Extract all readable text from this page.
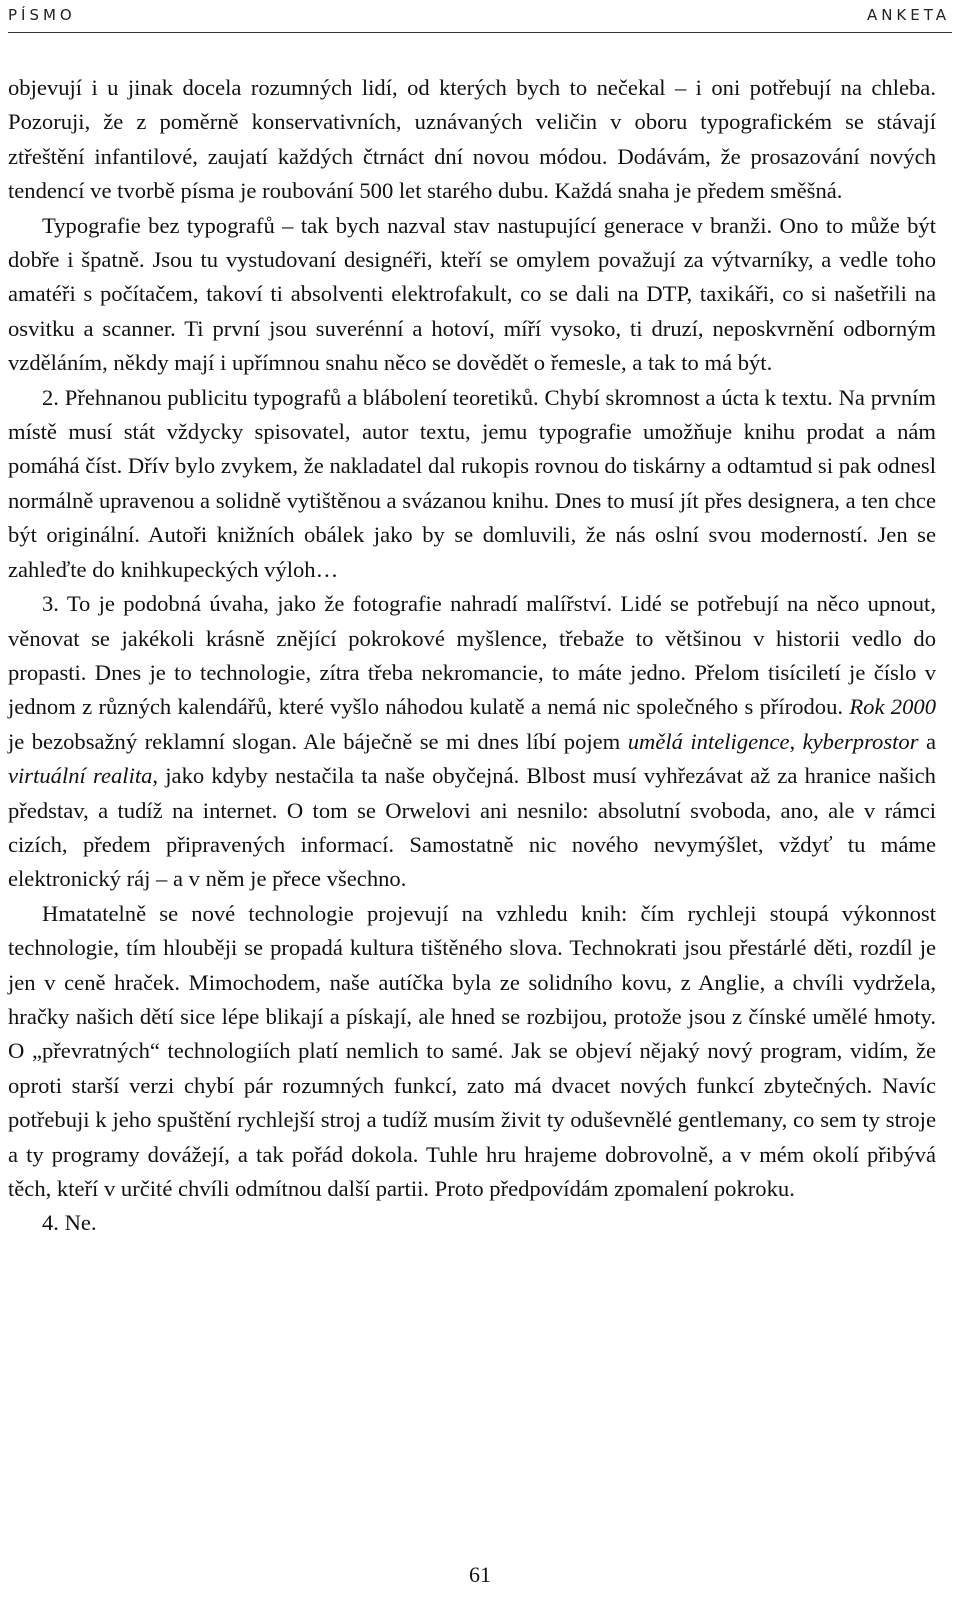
PÍSMO	ANKETA

objevují i u jinak docela rozumných lidí, od kterých bych to nečekal – i oni potřebují na chleba. Pozoruji, že z poměrně konservativních, uznávaných veličin v oboru typografickém se stávají ztřeštění infantilové, zaujatí každých čtrnáct dní novou módou. Dodávám, že prosazování nových tendencí ve tvorbě písma je roubování 500 let starého dubu. Každá snaha je předem směšná.

Typografie bez typografů – tak bych nazval stav nastupující generace v branži. Ono to může být dobře i špatně. Jsou tu vystudovaní designéři, kteří se omylem považují za výtvarníky, a vedle toho amatéři s počítačem, takoví ti absolventi elektrofakult, co se dali na DTP, taxikáři, co si našetřili na osvitku a scanner. Ti první jsou suverénní a hotoví, míří vysoko, ti druzí, neposkvrnění odborným vzděláním, někdy mají i upřímnou snahu něco se dovědět o řemesle, a tak to má být.

2. Přehnanou publicitu typografů a blábolení teoretiků. Chybí skromnost a úcta k textu. Na prvním místě musí stát vždycky spisovatel, autor textu, jemu typografie umožňuje knihu prodat a nám pomáhá číst. Dřív bylo zvykem, že nakladatel dal rukopis rovnou do tiskárny a odtamtud si pak odnesl normálně upravenou a solidně vytištěnou a svázanou knihu. Dnes to musí jít přes designera, a ten chce být originální. Autoři knižních obálek jako by se domluvili, že nás oslní svou moderností. Jen se zahleďte do knihkupeckých výloh…

3. To je podobná úvaha, jako že fotografie nahradí malířství. Lidé se potřebují na něco upnout, věnovat se jakékoli krásně znějící pokrokové myšlence, třebaže to většinou v historii vedlo do propasti. Dnes je to technologie, zítra třeba nekromancie, to máte jedno. Přelom tisíciletí je číslo v jednom z různých kalendářů, které vyšlo náhodou kulatě a nemá nic společného s přírodou. Rok 2000 je bezobsažný reklamní slogan. Ale báječně se mi dnes líbí pojem umělá inteligence, kyberprostor a virtuální realita, jako kdyby nestačila ta naše obyčejná. Blbost musí vyhřezávat až za hranice našich představ, a tudíž na internet. O tom se Orwelovi ani nesnilo: absolutní svoboda, ano, ale v rámci cizích, předem připravených informací. Samostatně nic nového nevymýšlet, vždyť tu máme elektronický ráj – a v něm je přece všechno.

Hmatatelně se nové technologie projevují na vzhledu knih: čím rychleji stoupá výkonnost technologie, tím hlouběji se propadá kultura tištěného slova. Technokrati jsou přestárlé děti, rozdíl je jen v ceně hraček. Mimochodem, naše autíčka byla ze solidního kovu, z Anglie, a chvíli vydržela, hračky našich dětí sice lépe blikají a pískají, ale hned se rozbijou, protože jsou z čínské umělé hmoty. O „převratných“ technologiích platí nemlich to samé. Jak se objeví nějaký nový program, vidím, že oproti starší verzi chybí pár rozumných funkcí, zato má dvacet nových funkcí zbytečných. Navíc potřebuji k jeho spuštění rychlejší stroj a tudíž musím živit ty oduševnělé gentlemany, co sem ty stroje a ty programy dovážejí, a tak pořád dokola. Tuhle hru hrajeme dobrovolně, a v mém okolí přibývá těch, kteří v určité chvíli odmítnou další partii. Proto předpovídám zpomalení pokroku.

4. Ne.

61
